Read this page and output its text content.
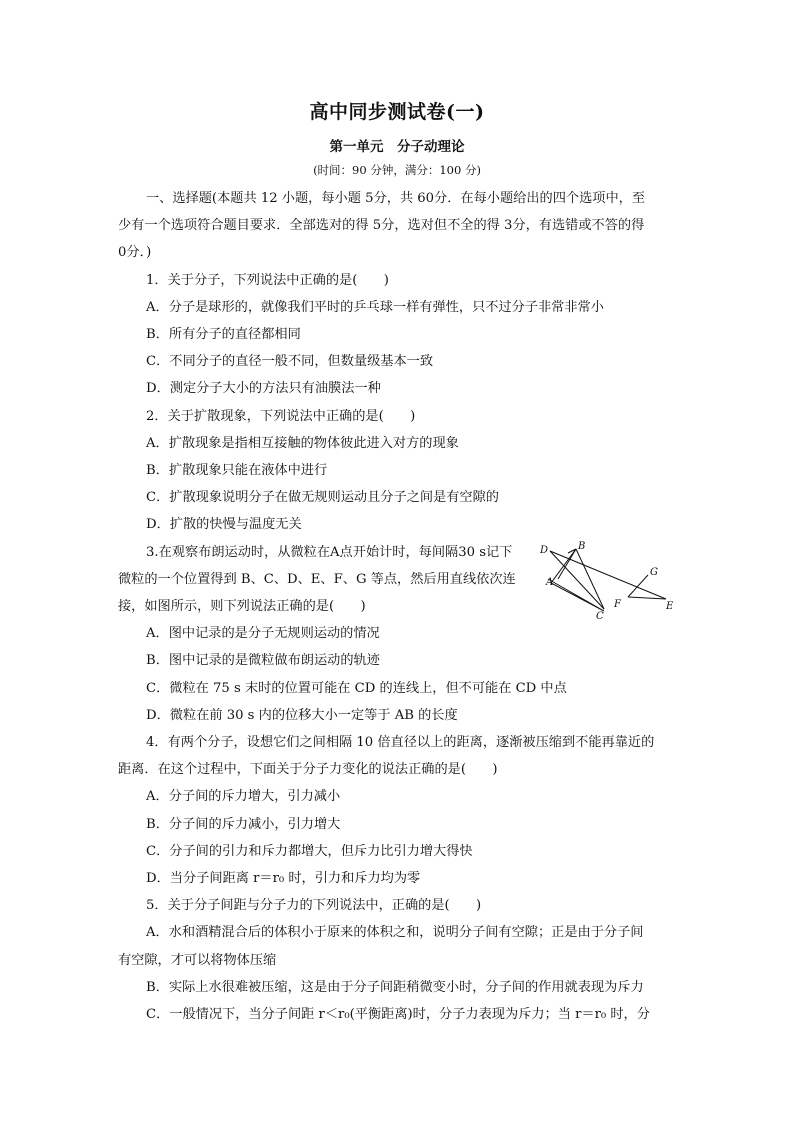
高中同步测试卷(一)
第一单元　分子动理论
(时间：90 分钟，满分：100 分)
一、选择题(本题共 12 小题，每小题 5分，共 60分．在每小题给出的四个选项中，至
少有一个选项符合题目要求．全部选对的得 5分，选对但不全的得 3分，有选错或不答的得
0分．)
1．关于分子，下列说法中正确的是(　　)
A．分子是球形的，就像我们平时的乒乓球一样有弹性，只不过分子非常非常小
B．所有分子的直径都相同
C．不同分子的直径一般不同，但数量级基本一致
D．测定分子大小的方法只有油膜法一种
2．关于扩散现象，下列说法中正确的是(　　)
A．扩散现象是指相互接触的物体彼此进入对方的现象
B．扩散现象只能在液体中进行
C．扩散现象说明分子在做无规则运动且分子之间是有空隙的
D．扩散的快慢与温度无关
3.在观察布朗运动时，从微粒在A点开始计时，每间隔30 s记下
微粒的一个位置得到 B、C、D、E、F、G 等点，然后用直线依次连
接，如图所示，则下列说法正确的是(　　)
D	B
A
C
G
F	E
A．图中记录的是分子无规则运动的情况
B．图中记录的是微粒做布朗运动的轨迹
C．微粒在 75 s 末时的位置可能在 CD 的连线上，但不可能在 CD 中点
D．微粒在前 30 s 内的位移大小一定等于 AB 的长度
4．有两个分子，设想它们之间相隔 10 倍直径以上的距离，逐渐被压缩到不能再靠近的
距离．在这个过程中，下面关于分子力变化的说法正确的是(　　)
A．分子间的斥力增大，引力减小
B．分子间的斥力减小，引力增大
C．分子间的引力和斥力都增大，但斥力比引力增大得快
D．当分子间距离 r＝r₀ 时，引力和斥力均为零
5．关于分子间距与分子力的下列说法中，正确的是(　　)
A．水和酒精混合后的体积小于原来的体积之和，说明分子间有空隙；正是由于分子间
有空隙，才可以将物体压缩
B．实际上水很难被压缩，这是由于分子间距稍微变小时，分子间的作用就表现为斥力
C．一般情况下，当分子间距 r＜r₀(平衡距离)时，分子力表现为斥力；当 r＝r₀ 时，分
